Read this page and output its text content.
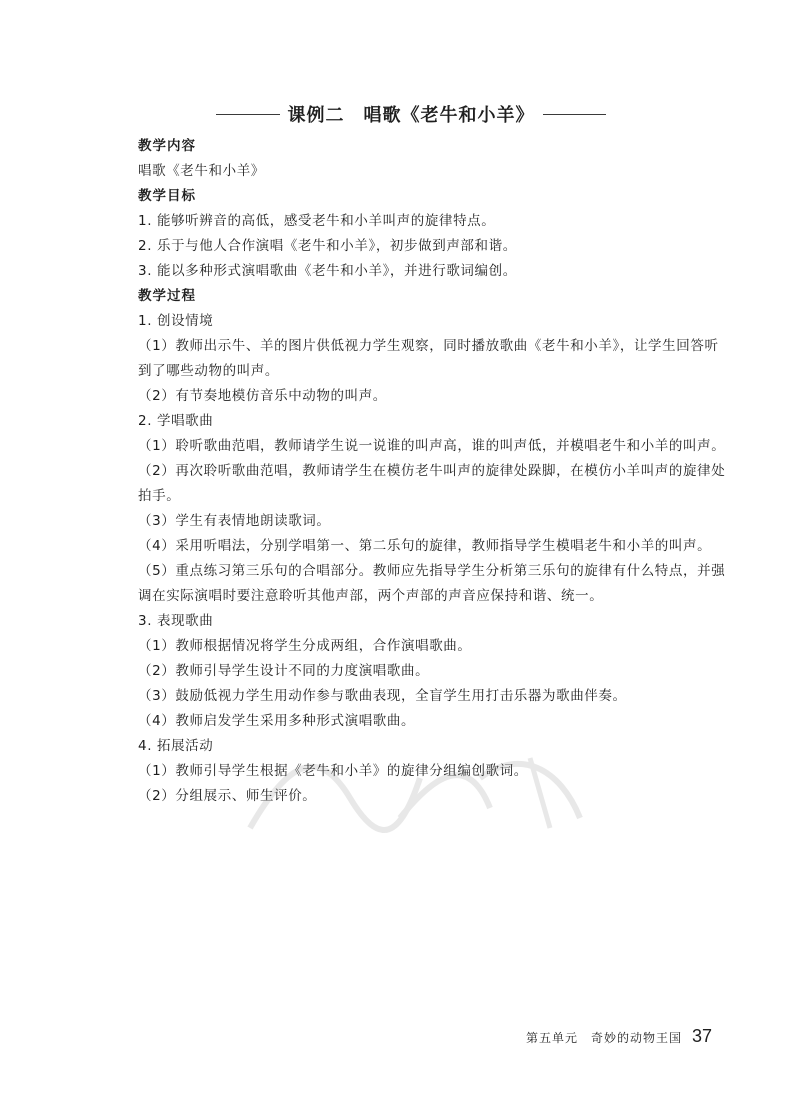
课例二　唱歌《老牛和小羊》
教学内容
唱歌《老牛和小羊》
教学目标
1. 能够听辨音的高低，感受老牛和小羊叫声的旋律特点。
2. 乐于与他人合作演唱《老牛和小羊》，初步做到声部和谐。
3. 能以多种形式演唱歌曲《老牛和小羊》，并进行歌词编创。
教学过程
1. 创设情境

（1）教师出示牛、羊的图片供低视力学生观察，同时播放歌曲《老牛和小羊》，让学生回答听到了哪些动物的叫声。

（2）有节奏地模仿音乐中动物的叫声。
2. 学唱歌曲

（1）聆听歌曲范唱，教师请学生说一说谁的叫声高，谁的叫声低，并模唱老牛和小羊的叫声。

（2）再次聆听歌曲范唱，教师请学生在模仿老牛叫声的旋律处跺脚，在模仿小羊叫声的旋律处拍手。

（3）学生有表情地朗读歌词。

（4）采用听唱法，分别学唱第一、第二乐句的旋律，教师指导学生模唱老牛和小羊的叫声。

（5）重点练习第三乐句的合唱部分。教师应先指导学生分析第三乐句的旋律有什么特点，并强调在实际演唱时要注意聆听其他声部，两个声部的声音应保持和谐、统一。

3. 表现歌曲
（1）教师根据情况将学生分成两组，合作演唱歌曲。
（2）教师引导学生设计不同的力度演唱歌曲。
（3）鼓励低视力学生用动作参与歌曲表现，全盲学生用打击乐器为歌曲伴奏。
（4）教师启发学生采用多种形式演唱歌曲。
4. 拓展活动
（1）教师引导学生根据《老牛和小羊》的旋律分组编创歌词。
（2）分组展示、师生评价。
第五单元　奇妙的动物王国 37
